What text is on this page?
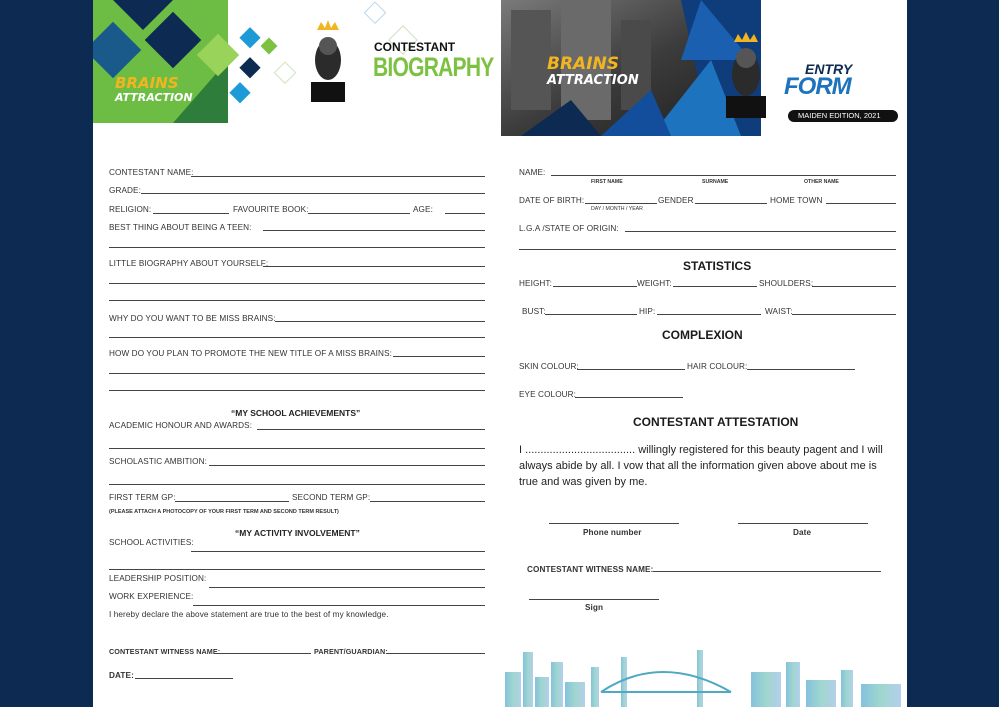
BRAINS
ATTRACTION
CONTESTANT
BIOGRAPHY
CONTESTANT NAME:
GRADE:
RELIGION:	FAVOURITE BOOK:	AGE:
BEST THING ABOUT BEING A TEEN:
LITTLE BIOGRAPHY ABOUT YOURSELF:
WHY DO YOU WANT TO BE MISS BRAINS:
HOW DO YOU PLAN TO PROMOTE THE NEW TITLE OF A MISS BRAINS:
“MY SCHOOL ACHIEVEMENTS”
ACADEMIC HONOUR AND AWARDS:
SCHOLASTIC AMBITION:
FIRST TERM GP:	SECOND TERM GP:
(PLEASE ATTACH A PHOTOCOPY OF YOUR FIRST TERM AND SECOND TERM RESULT)
“MY ACTIVITY INVOLVEMENT”
SCHOOL ACTIVITIES:
LEADERSHIP POSITION:
WORK EXPERIENCE:
I hereby declare the above statement are true to the best of my knowledge.
CONTESTANT WITNESS NAME:	PARENT/GUARDIAN:
DATE:
BRAINS
ATTRACTION
ENTRY
FORM
MAIDEN EDITION, 2021
NAME:
FIRST NAME	SURNAME	OTHER NAME
DATE OF BIRTH:
DAY / MONTH / YEAR
GENDER	HOME TOWN
L.G.A /STATE OF ORIGIN:
STATISTICS
HEIGHT:	WEIGHT:	SHOULDERS:
BUST:	HIP:	WAIST:
COMPLEXION
SKIN COLOUR:	HAIR COLOUR:
EYE COLOUR:
CONTESTANT ATTESTATION
I .................................... willingly registered for this beauty pagent and I will always abide by all. I vow that all the information given above about me is true and was given by me.
Phone number	Date
CONTESTANT WITNESS NAME:
Sign
